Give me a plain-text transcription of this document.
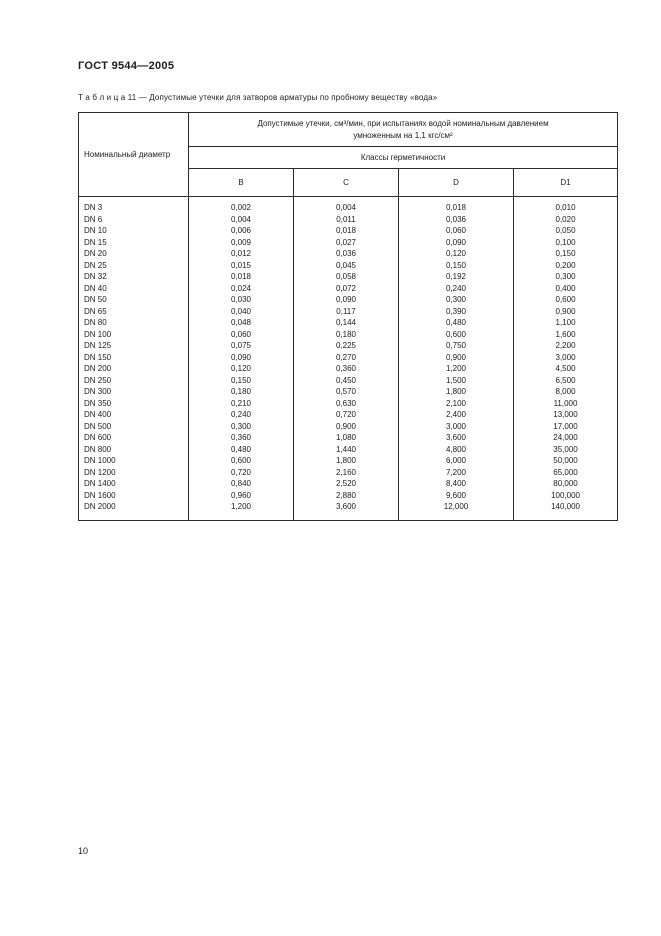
ГОСТ 9544—2005
Т а б л и ц а 11 — Допустимые утечки для затворов арматуры по пробному веществу «вода»
Номинальный диаметр	Допустимые утечки, см³/мин, при испытаниях водой номинальным давлением
умноженным на 1,1 кгс/см²			
	Классы герметичности			
	B	C	D	D1
DN 3	0,002	0,004	0,018	0,010
DN 6	0,004	0,011	0,036	0,020
DN 10	0,006	0,018	0,060	0,050
DN 15	0,009	0,027	0,090	0,100
DN 20	0,012	0,036	0,120	0,150
DN 25	0,015	0,045	0,150	0,200
DN 32	0,018	0,058	0,192	0,300
DN 40	0,024	0,072	0,240	0,400
DN 50	0,030	0,090	0,300	0,600
DN 65	0,040	0,117	0,390	0,900
DN 80	0,048	0,144	0,480	1,100
DN 100	0,060	0,180	0,600	1,600
DN 125	0,075	0,225	0,750	2,200
DN 150	0,090	0,270	0,900	3,000
DN 200	0,120	0,360	1,200	4,500
DN 250	0,150	0,450	1,500	6,500
DN 300	0,180	0,570	1,800	8,000
DN 350	0,210	0,630	2,100	11,000
DN 400	0,240	0,720	2,400	13,000
DN 500	0,300	0,900	3,000	17,000
DN 600	0,360	1,080	3,600	24,000
DN 800	0,480	1,440	4,800	35,000
DN 1000	0,600	1,800	6,000	50,000
DN 1200	0,720	2,160	7,200	65,000
DN 1400	0,840	2,520	8,400	80,000
DN 1600	0,960	2,880	9,600	100,000
DN 2000	1,200	3,600	12,000	140,000
10
